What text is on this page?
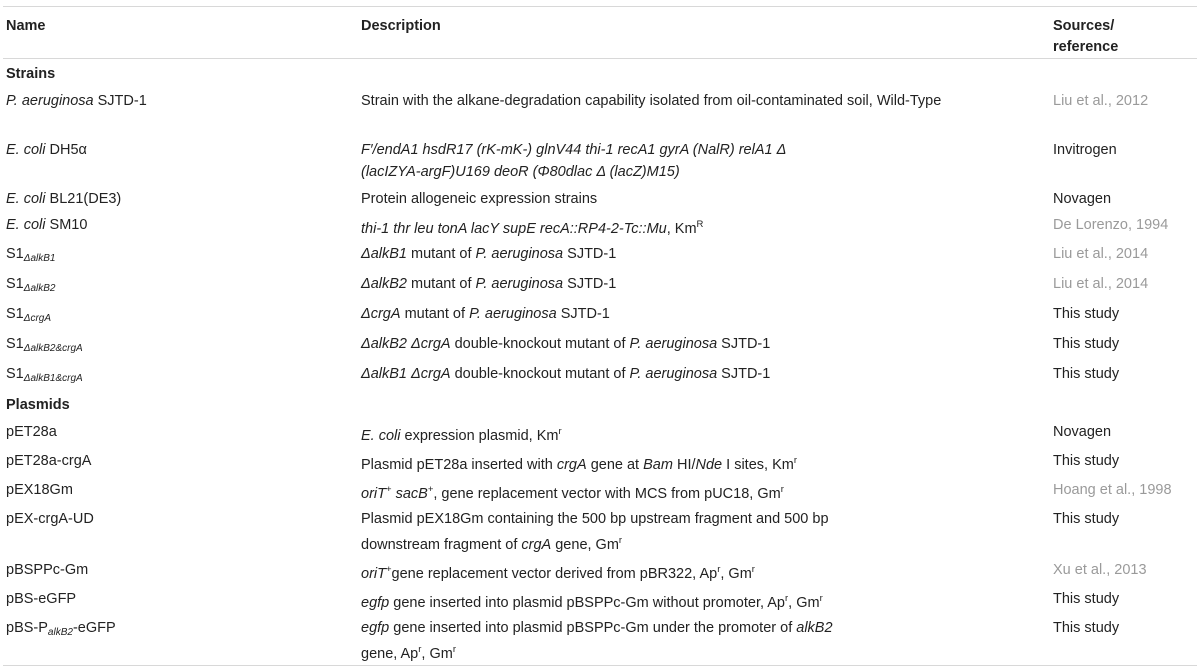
Name	Description	Sources/
reference
Strains		
P. aeruginosa SJTD-1	Strain with the alkane-degradation capability isolated from oil-contaminated soil, Wild-Type	Liu et al., 2012
E. coli DH5α	F′/endA1 hsdR17 (rK-mK-) glnV44 thi-1 recA1 gyrA (NalR) relA1 Δ
(lacIZYA-argF)U169 deoR (Φ80dlac Δ (lacZ)M15)	Invitrogen
E. coli BL21(DE3)	Protein allogeneic expression strains	Novagen
E. coli SM10	thi-1 thr leu tonA lacY supE recA::RP4-2-Tc::Mu, $Km^R$	De Lorenzo, 1994
$S1_{\Delta alkB1}$	ΔalkB1 mutant of P. aeruginosa SJTD-1	Liu et al., 2014
$S1_{\Delta alkB2}$	ΔalkB2 mutant of P. aeruginosa SJTD-1	Liu et al., 2014
$S1_{\Delta crgA}$	ΔcrgA mutant of P. aeruginosa SJTD-1	This study
$S1_{\Delta alkB2\&crgA}$	ΔalkB2 ΔcrgA double-knockout mutant of P. aeruginosa SJTD-1	This study
$S1_{\Delta alkB1\&crgA}$	ΔalkB1 ΔcrgA double-knockout mutant of P. aeruginosa SJTD-1	This study
Plasmids		
pET28a	E. coli expression plasmid, Km$^r$	Novagen
pET28a-crgA	Plasmid pET28a inserted with crgA gene at Bam HI/Nde I sites, Km$^r$	This study
pEX18Gm	oriT+ sacB+, gene replacement vector with MCS from pUC18, Gm$^r$	Hoang et al., 1998
pEX-crgA-UD	Plasmid pEX18Gm containing the 500 bp upstream fragment and 500 bp
downstream fragment of crgA gene, Gm$^r$	This study
pBSPPc-Gm	oriT+gene replacement vector derived from pBR322, Ap$^r$, Gm$^r$	Xu et al., 2013
pBS-eGFP	egfp gene inserted into plasmid pBSPPc-Gm without promoter, Ap$^r$, Gm$^r$	This study
pBS-$P_{alkB2}$-eGFP	egfp gene inserted into plasmid pBSPPc-Gm under the promoter of alkB2
gene, Ap$^r$, Gm$^r$	This study
